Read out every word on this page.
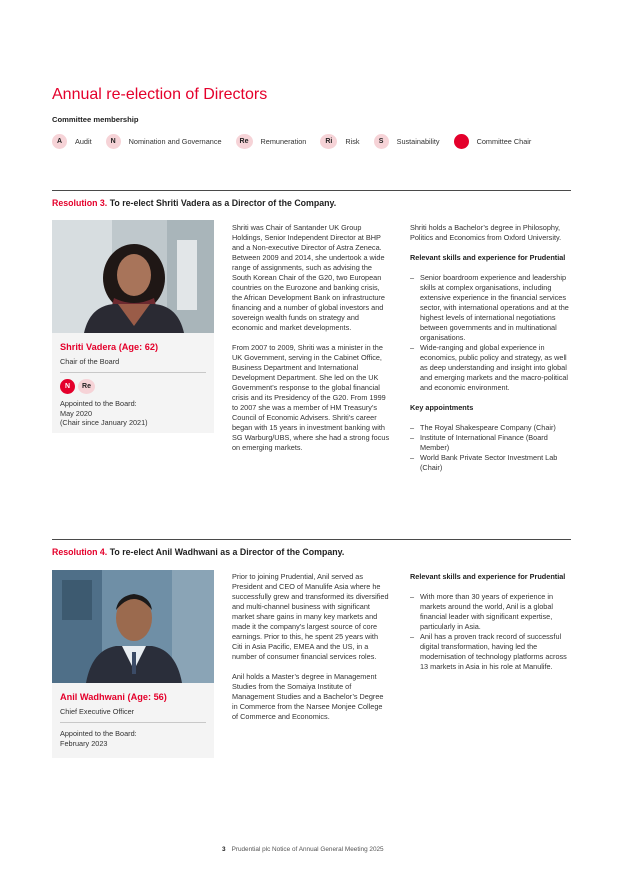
Annual re-election of Directors
Committee membership
A	Audit	N	Nomination and Governance	Re	Remuneration	Ri	Risk	S	Sustainability	Committee Chair
Resolution 3. To re-elect Shriti Vadera as a Director of the Company.

Shriti Vadera (Age: 62)

Chair of the Board

N	Re

Appointed to the Board:

May 2020

(Chair since January 2021)

Shriti was Chair of Santander UK Group Holdings, Senior Independent Director at BHP and a Non-executive Director of Astra Zeneca. Between 2009 and 2014, she undertook a wide range of assignments, such as advising the South Korean Chair of the G20, two European countries on the Eurozone and banking crisis, the African Development Bank on infrastructure financing and a number of global investors and sovereign wealth funds on strategy and economic and market developments.

From 2007 to 2009, Shriti was a minister in the UK Government, serving in the Cabinet Office, Business Department and International Development Department. She led on the UK Government’s response to the global financial crisis and its Presidency of the G20. From 1999 to 2007 she was a member of HM Treasury’s Council of Economic Advisers. Shriti’s career began with 15 years in investment banking with SG Warburg/UBS, where she had a strong focus on emerging markets.

Shriti holds a Bachelor’s degree in Philosophy, Politics and Economics from Oxford University.

Relevant skills and experience for Prudential

– Senior boardroom experience and leadership skills at complex organisations, including extensive experience in the financial services sector, with international operations and at the highest levels of international negotiations between governments and in multinational organisations.
– Wide-ranging and global experience in economics, public policy and strategy, as well as deep understanding and insight into global and emerging markets and the macro-political and economic environment.

Key appointments

– The Royal Shakespeare Company (Chair)
– Institute of International Finance (Board Member)
– World Bank Private Sector Investment Lab (Chair)
Resolution 4. To re-elect Anil Wadhwani as a Director of the Company.

Anil Wadhwani (Age: 56)

Chief Executive Officer

Appointed to the Board:

February 2023

Prior to joining Prudential, Anil served as President and CEO of Manulife Asia where he successfully grew and transformed its diversified and multi-channel business with significant market share gains in many key markets and made it the company’s largest source of core earnings. Prior to this, he spent 25 years with Citi in Asia Pacific, EMEA and the US, in a number of consumer financial services roles.

Anil holds a Master’s degree in Management Studies from the Somaiya Institute of Management Studies and a Bachelor’s Degree in Commerce from the Narsee Monjee College of Commerce and Economics.

Relevant skills and experience for Prudential

– With more than 30 years of experience in markets around the world, Anil is a global financial leader with significant expertise, particularly in Asia.
– Anil has a proven track record of successful digital transformation, having led the modernisation of technology platforms across 13 markets in Asia in his role at Manulife.
3 Prudential plc Notice of Annual General Meeting 2025
